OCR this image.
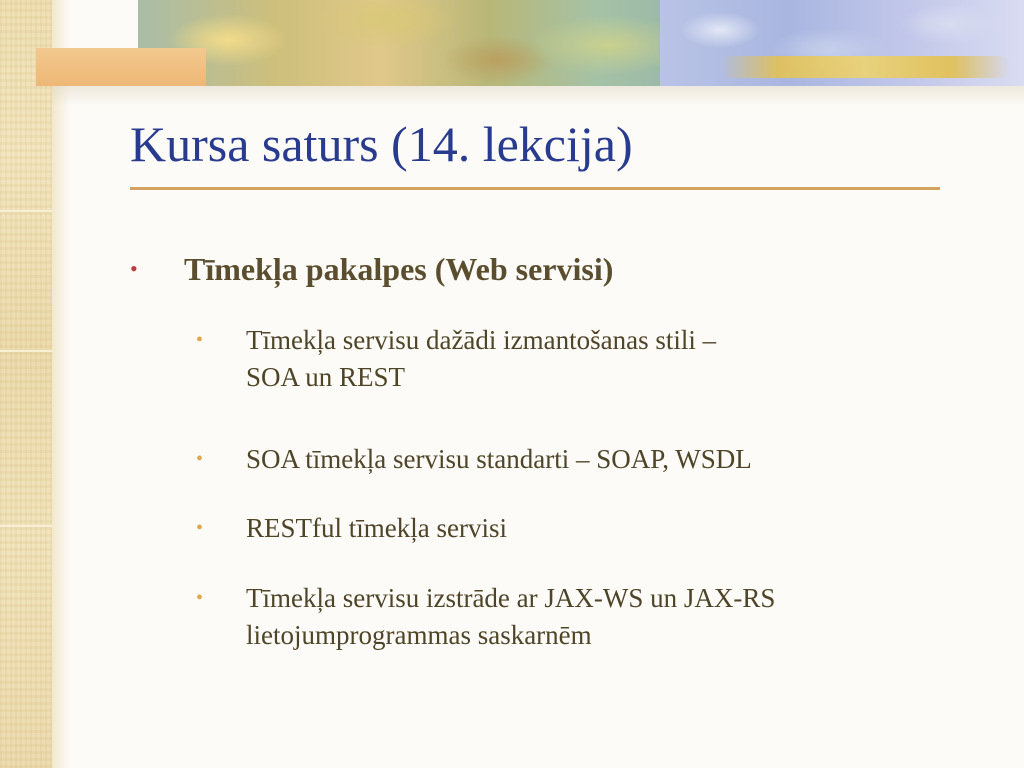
Kursa saturs (14. lekcija)
• Tīmekļa pakalpes (Web servisi)
• Tīmekļa servisu dažādi izmantošanas stili –
SOA un REST
• SOA tīmekļa servisu standarti – SOAP, WSDL
• RESTful tīmekļa servisi
• Tīmekļa servisu izstrāde ar JAX-WS un JAX-RS
lietojumprogrammas saskarnēm
